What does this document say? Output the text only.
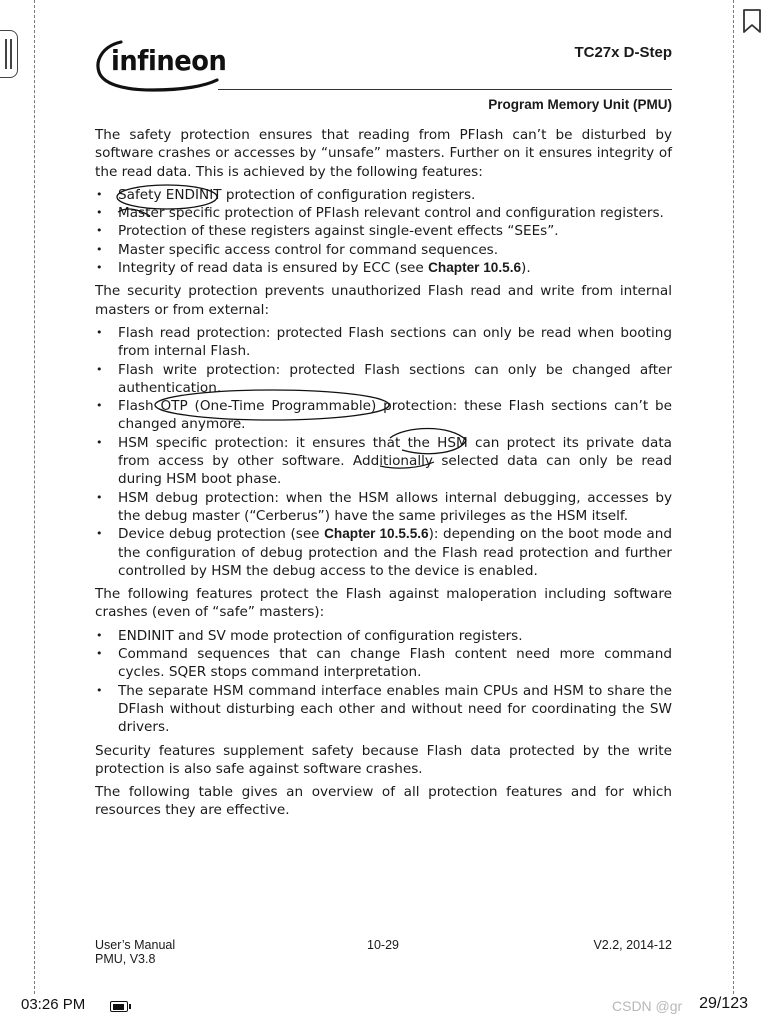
infineon	TC27x D-Step
Program Memory Unit (PMU)

The safety protection ensures that reading from PFlash can’t be disturbed by software crashes or accesses by “unsafe” masters. Further on it ensures integrity of the read data. This is achieved by the following features:

• Safety ENDINIT protection of configuration registers.
• Master specific protection of PFlash relevant control and configuration registers.
• Protection of these registers against single-event effects “SEEs”.
• Master specific access control for command sequences.
• Integrity of read data is ensured by ECC (see Chapter 10.5.6).

The security protection prevents unauthorized Flash read and write from internal masters or from external:

• Flash read protection: protected Flash sections can only be read when booting from internal Flash.
• Flash write protection: protected Flash sections can only be changed after authentication.
• Flash OTP (One-Time Programmable) protection: these Flash sections can’t be changed anymore.
• HSM specific protection: it ensures that the HSM can protect its private data from access by other software. Additionally selected data can only be read during HSM boot phase.
• HSM debug protection: when the HSM allows internal debugging, accesses by the debug master (“Cerberus”) have the same privileges as the HSM itself.
• Device debug protection (see Chapter 10.5.5.6): depending on the boot mode and the configuration of debug protection and the Flash read protection and further controlled by HSM the debug access to the device is enabled.

The following features protect the Flash against maloperation including software crashes (even of “safe” masters):

• ENDINIT and SV mode protection of configuration registers.
• Command sequences that can change Flash content need more command cycles. SQER stops command interpretation.
• The separate HSM command interface enables main CPUs and HSM to share the DFlash without disturbing each other and without need for coordinating the SW drivers.

Security features supplement safety because Flash data protected by the write protection is also safe against software crashes.

The following table gives an overview of all protection features and for which resources they are effective.

User’s Manual
PMU, V3.8
10-29	V2.2, 2014-12
03:26 PM	CSDN @gr 29/123
